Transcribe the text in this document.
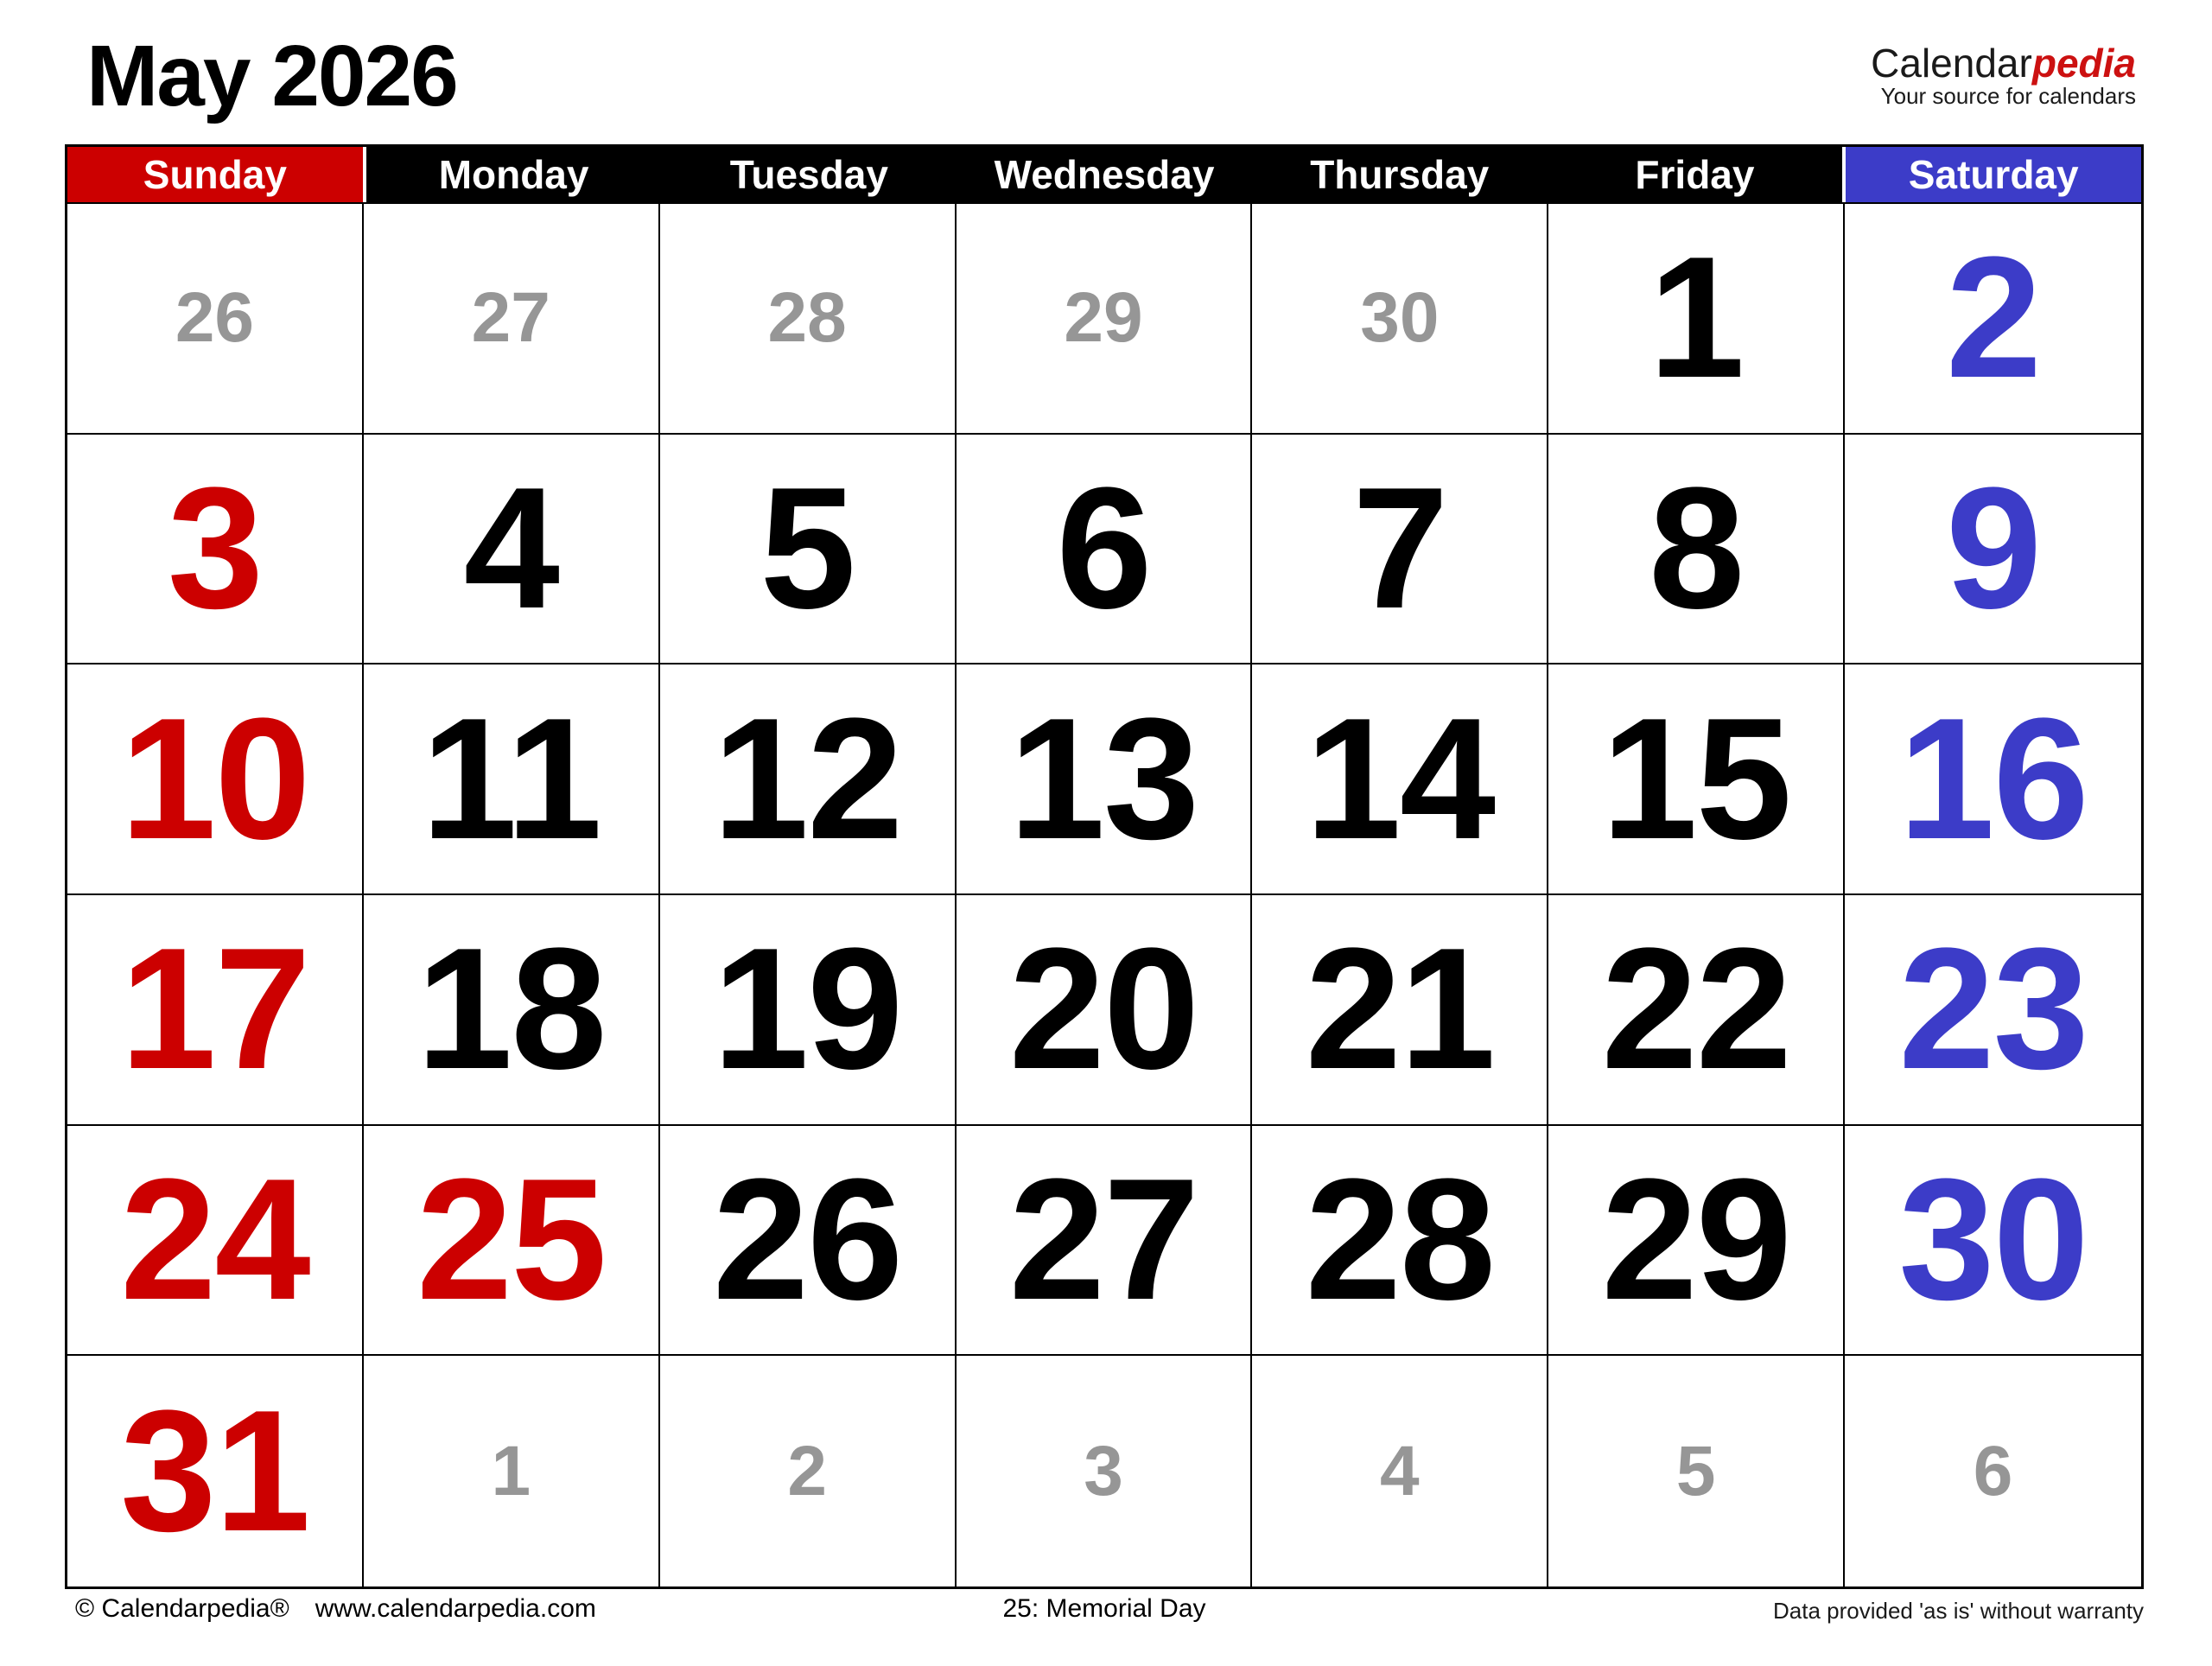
May 2026	Calendarpedia
Your source for calendars
Sunday	Monday	Tuesday	Wednesday	Thursday	Friday	Saturday
26	27	28	29	30 1 2
3 4 5 6 7 8 9
10 11 12 13 14 15 16
17 18 19 20 21 22 23
24 25 26 27 28 29 30
31	1	2	3	4	5	6
© Calendarpedia® www.calendarpedia.com	25: Memorial Day	Data provided 'as is' without warranty
